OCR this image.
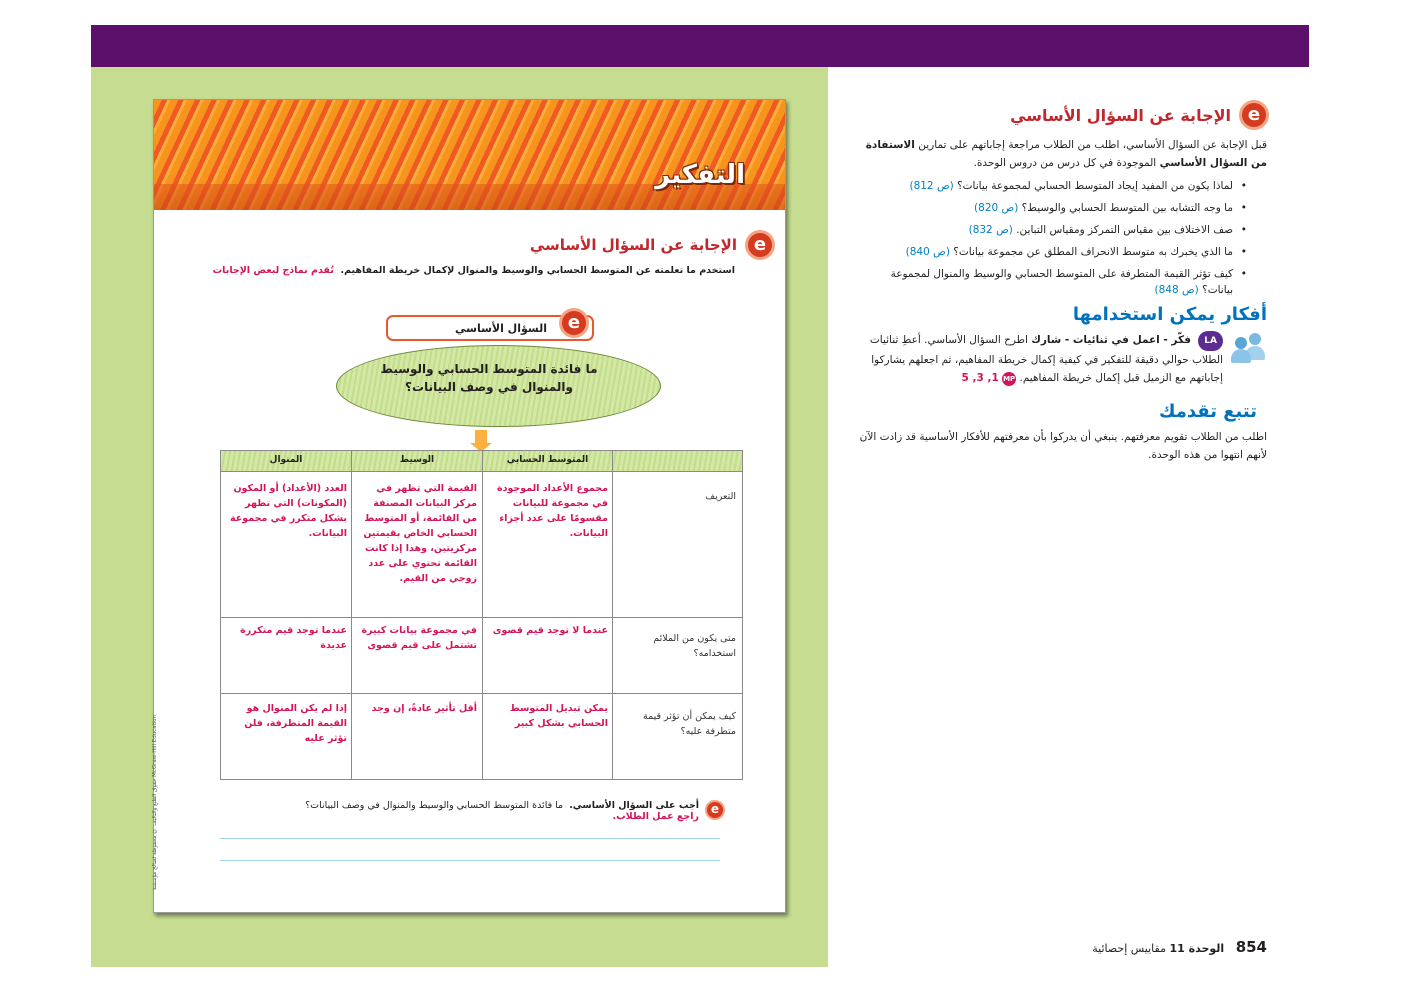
التفكير
e
الإجابة عن السؤال الأساسي
استخدم ما تعلمته عن المتوسط الحسابي والوسيط والمنوال لإكمال خريطة المفاهيم.  تُقدم نماذج لبعض الإجابات
السؤال الأساسي	e
ما فائدة المتوسط الحسابي والوسيط
والمنوال في وصف البيانات؟
المتوسط الحسابي
الوسيط
المنوال
التعريف
متى يكون من الملائم استخدامه؟
كيف يمكن أن تؤثر قيمة متطرفة عليه؟
مجموع الأعداد الموجودة في مجموعة للبيانات مقسومًا على عدد أجزاء البيانات.
القيمة التي تظهر في مركز البيانات المصنفة من القائمة، أو المتوسط الحسابي الخاص بقيمتين مركزيتين، وهذا إذا كانت القائمة تحتوي على عدد زوجي من القيم.
العدد (الأعداد) أو المكون (المكونات) التي تظهر بشكل متكرر في مجموعة البيانات.
عندما لا توجد قيم قصوى
في مجموعة بيانات كبيرة تشتمل على قيم قصوى
عندما توجد قيم متكررة عديدة
يمكن تبديل المتوسط الحسابي بشكل كبير
أقل تأثير عادةً، إن وجد
إذا لم يكن المنوال هو القيمة المتطرفة، فلن تؤثر عليه
e
أجب على السؤال الأساسي.  ما فائدة المتوسط الحسابي والوسيط والمنوال في وصف البيانات؟
راجع عمل الطلاب.
حقوق الطبع والتأليف © محفوظة لصالح مؤسسة McGraw-Hill Education
e
الإجابة عن السؤال الأساسي

قبل الإجابة عن السؤال الأساسي، اطلب من الطلاب مراجعة إجاباتهم على تمارين الاستفادة من السؤال الأساسي الموجودة في كل درس من دروس الوحدة.

• لماذا يكون من المفيد إيجاد المتوسط الحسابي لمجموعة بيانات؟ (ص 812)
• ما وجه التشابه بين المتوسط الحسابي والوسيط؟ (ص 820)
• صف الاختلاف بين مقياس التمركز ومقياس التباين. (ص 832)
• ما الذي يخبرك به متوسط الانحراف المطلق عن مجموعة بيانات؟ (ص 840)
• كيف تؤثر القيمة المتطرفة على المتوسط الحسابي والوسيط والمنوال لمجموعة بيانات؟ (ص 848)
أفكار يمكن استخدامها

LA فكّر - اعمل في ثنائيات - شارك اطرح السؤال الأساسي. أعطِ ثنائيات الطلاب حوالي دقيقة للتفكير في كيفية إكمال خريطة المفاهيم، ثم اجعلهم يشاركوا إجاباتهم مع الزميل قبل إكمال خريطة المفاهيم. MP 1, 3, 5

تتبع تقدمك

اطلب من الطلاب تقويم معرفتهم. ينبغي أن يدركوا بأن معرفتهم للأفكار الأساسية قد زادت الآن لأنهم انتهوا من هذه الوحدة.

854 الوحدة 11 مقاييس إحصائية
